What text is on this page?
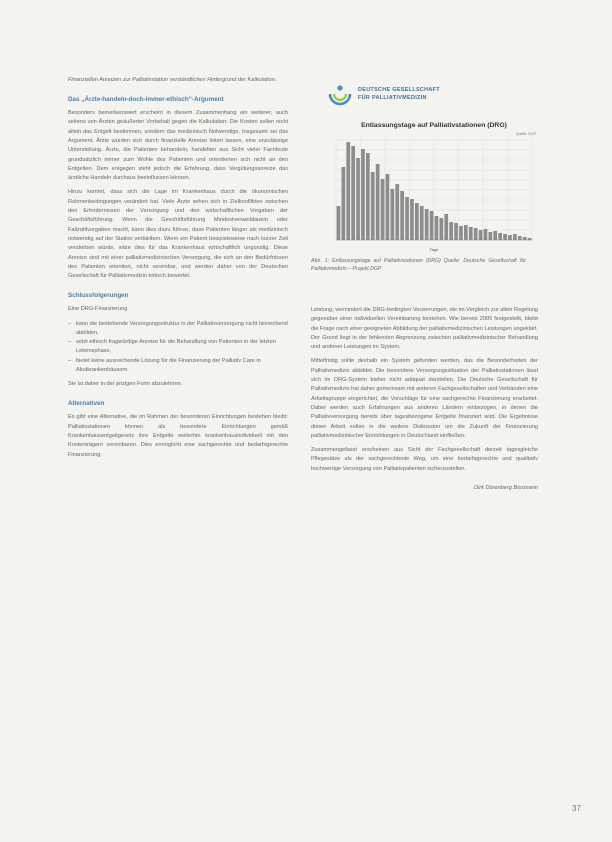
Finanziellen Anreizen zur Palliativstation verständlichen Hintergrund der Kalkulation.

Das „Ärzte-handeln-doch-immer-ethisch“-Argument

Besonders bemerkenswert erscheint in diesem Zusammenhang ein weiterer, auch seitens von Ärzten geäußerter Vorbehalt gegen die Kalkulation: Die Kosten sollen nicht allein das Entgelt bestimmen, sondern das medizinisch Notwendige. Insgesamt sei das Argument, Ärzte würden sich durch finanzielle Anreize leiten lassen, eine unzulässige Unterstellung. Ärzte, die Patienten behandeln, handelten aus Sicht vieler Fachleute grundsätzlich immer zum Wohle des Patienten und orientierten sich nicht an den Entgelten. Dem entgegen steht jedoch die Erfahrung, dass Vergütungsanreize das ärztliche Handeln durchaus beeinflussen können.

Hinzu kommt, dass sich die Lage im Krankenhaus durch die ökonomischen Rahmenbedingungen verändert hat. Viele Ärzte sehen sich in Zielkonflikten zwischen den Erfordernissen der Versorgung und den wirtschaftlichen Vorgaben der Geschäftsführung. Wenn die Geschäftsführung Mindestverweildauern oder Fallzahlvorgaben macht, kann dies dazu führen, dass Patienten länger als medizinisch notwendig auf der Station verbleiben. Wenn ein Patient beispielsweise nach kurzer Zeit versterben würde, wäre dies für das Krankenhaus wirtschaftlich ungünstig. Diese Anreize sind mit einer palliativmedizinischen Versorgung, die sich an den Bedürfnissen des Patienten orientiert, nicht vereinbar, und werden daher von der Deutschen Gesellschaft für Palliativmedizin kritisch bewertet.

Schlussfolgerungen

Eine DRG-Finanzierung

– kann die bestehende Versorgungsstruktur in der Palliativversorgung nicht hinreichend abbilden,
– setzt ethisch fragwürdige Anreize für die Behandlung von Patienten in der letzten Lebensphase,
– bietet keine ausreichende Lösung für die Finanzierung der Palliativ Care in Akutkrankenhäusern.

Sie ist daher in der jetzigen Form abzulehnen.

Alternativen

Es gibt eine Alternative, die im Rahmen der besonderen Einrichtungen bestehen bleibt: Palliativstationen können als besondere Einrichtungen gemäß Krankenhausentgeltgesetz ihre Entgelte weiterhin krankenhausindividuell mit den Kostenträgern vereinbaren. Dies ermöglicht eine sachgerechte und bedarfsgerechte Finanzierung.

DEUTSCHE GESELLSCHAFT
FÜR PALLIATIVMEDIZIN

Entlassungstage auf Palliativstationen (DRG)

Quelle: DGP
Tage

Abb. 1: Entlassungstage auf Palliativstationen (DRG) Quelle: Deutsche Gesellschaft für Palliativmedizin – Projekt DGP

Leistung, vermindert die DRG-bedingten Verzerrungen, die im Vergleich zur alten Regelung gegenüber einer individuellen Vereinbarung bestehen. Wie bereits 2005 festgestellt, bleibt die Frage nach einer geeigneten Abbildung der palliativmedizinischen Leistungen ungeklärt. Der Grund liegt in der fehlenden Abgrenzung zwischen palliativmedizinischer Behandlung und anderen Leistungen im System.

Mittelfristig sollte deshalb ein System gefunden werden, das die Besonderheiten der Palliativmedizin abbildet. Die besondere Versorgungssituation der Palliativstationen lässt sich im DRG-System bisher nicht adäquat darstellen. Die Deutsche Gesellschaft für Palliativmedizin hat daher gemeinsam mit anderen Fachgesellschaften und Verbänden eine Arbeitsgruppe eingerichtet, die Vorschläge für eine sachgerechte Finanzierung erarbeitet. Dabei werden auch Erfahrungen aus anderen Ländern einbezogen, in denen die Palliativversorgung bereits über tagesbezogene Entgelte finanziert wird. Die Ergebnisse dieser Arbeit sollen in die weitere Diskussion um die Zukunft der Finanzierung palliativmedizinischer Einrichtungen in Deutschland einfließen.

Zusammengefasst erscheinen aus Sicht der Fachgesellschaft derzeit tagesgleiche Pflegesätze als der sachgerechteste Weg, um eine bedarfsgerechte und qualitativ hochwertige Versorgung von Palliativpatienten sicherzustellen.

Dirk Dörenberg Bissmann

37
